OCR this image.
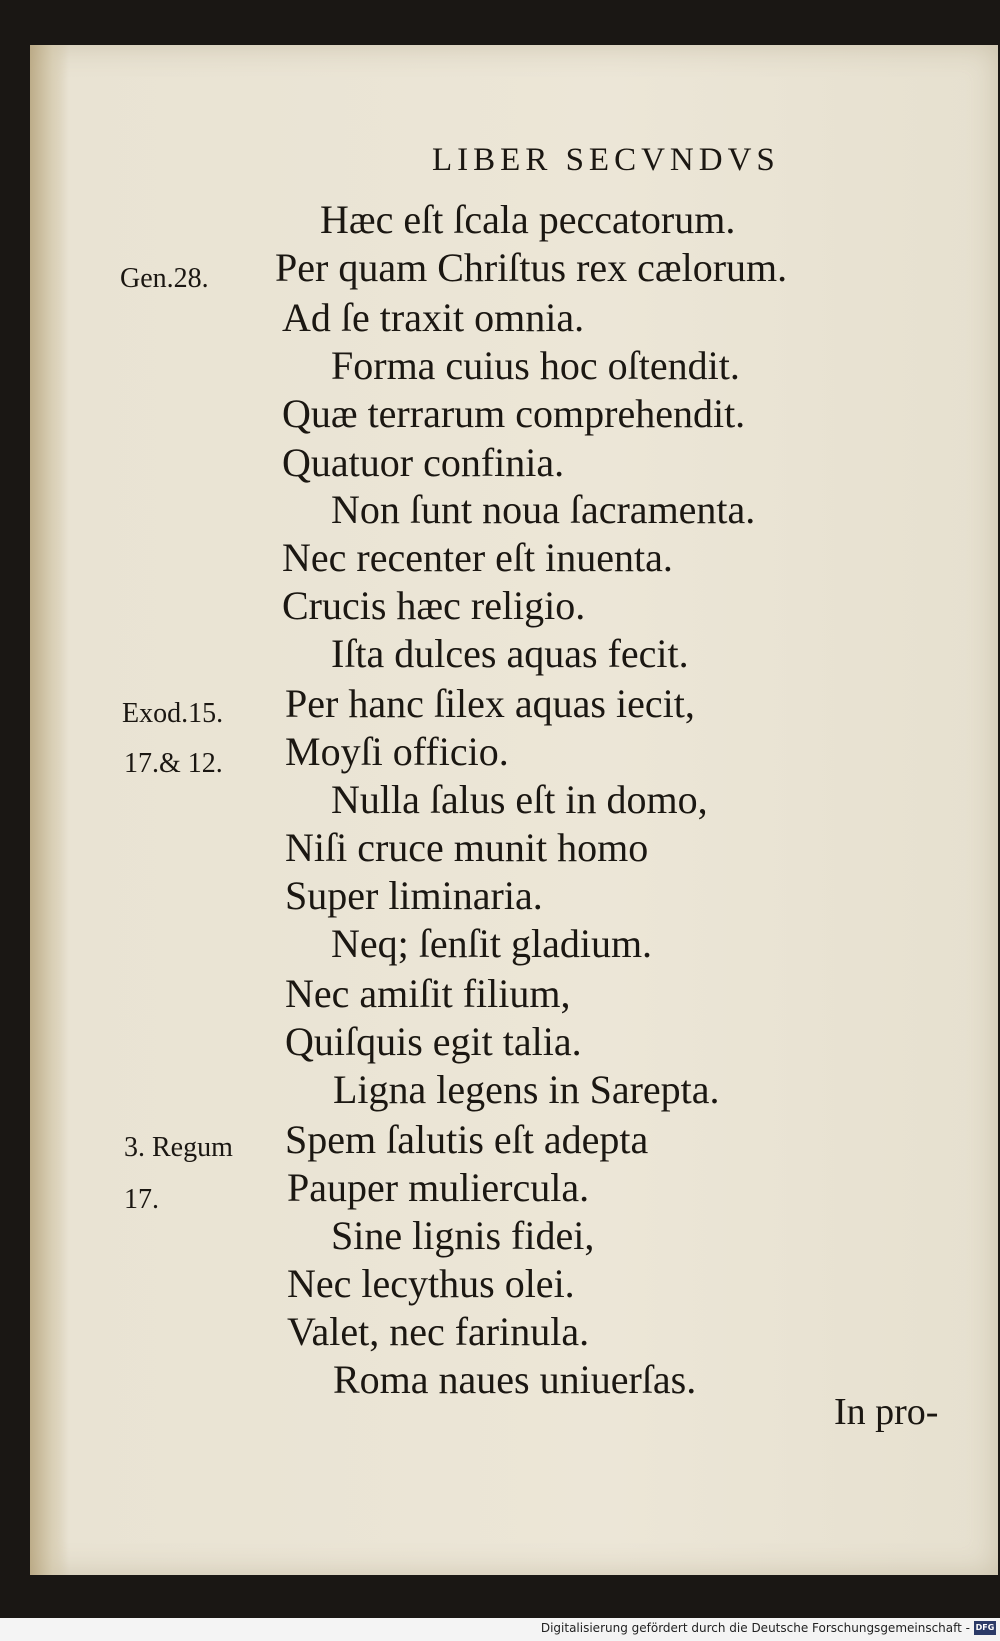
LIBER SECVNDVS
Hæc eſt ſcala peccatorum.
Per quam Chriſtus rex cælorum.
Ad ſe traxit omnia.
Forma cuius hoc oſtendit.
Quæ terrarum comprehendit.
Quatuor confinia.
Non ſunt noua ſacramenta.
Nec recenter eſt inuenta.
Crucis hæc religio.
Iſta dulces aquas fecit.
Per hanc ſilex aquas iecit,
Moyſi officio.
Nulla ſalus eſt in domo,
Niſi cruce munit homo
Super liminaria.
Neq; ſenſit gladium.
Nec amiſit filium,
Quiſquis egit talia.
Ligna legens in Sarepta.
Spem ſalutis eſt adepta
Pauper muliercula.
Sine lignis fidei,
Nec lecythus olei.
Valet, nec farinula.
Roma naues uniuerſas.
Gen.28.
Exod.15.
17.& 12.
3. Regum
17.
In pro-
Digitalisierung gefördert durch die Deutsche Forschungsgemeinschaft - DFG
